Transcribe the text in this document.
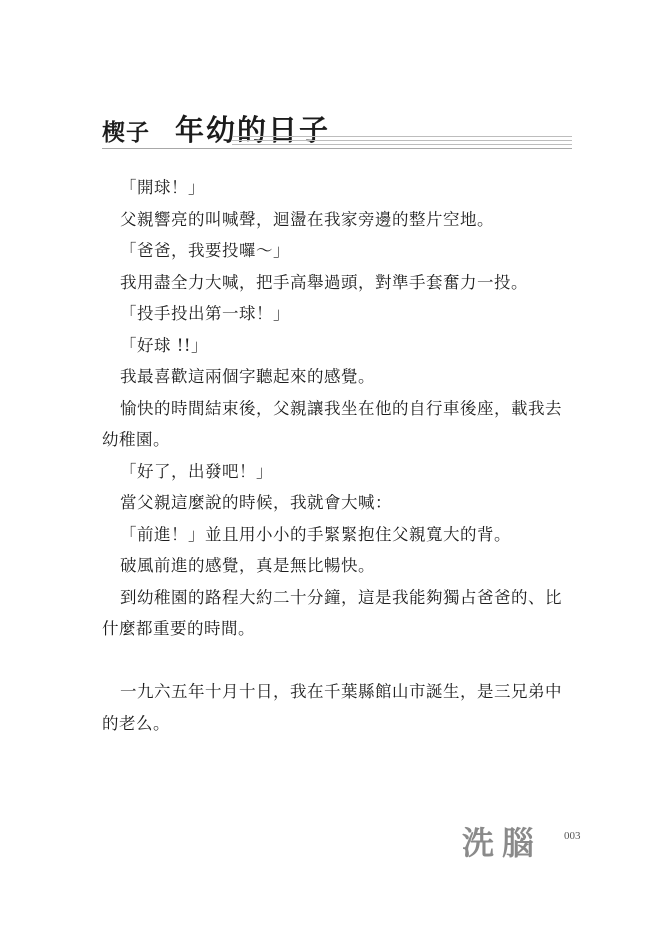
楔子 年幼的日子

「開球！」

父親響亮的叫喊聲，迴盪在我家旁邊的整片空地。

「爸爸，我要投囉～」

我用盡全力大喊，把手高舉過頭，對準手套奮力一投。

「投手投出第一球！」

「好球 !!」

我最喜歡這兩個字聽起來的感覺。

愉快的時間結束後，父親讓我坐在他的自行車後座，載我去幼稚園。

「好了，出發吧！」

當父親這麼說的時候，我就會大喊：

「前進！」並且用小小的手緊緊抱住父親寬大的背。

破風前進的感覺，真是無比暢快。

到幼稚園的路程大約二十分鐘，這是我能夠獨占爸爸的、比什麼都重要的時間。

一九六五年十月十日，我在千葉縣館山市誕生，是三兄弟中的老么。

洗腦 003
